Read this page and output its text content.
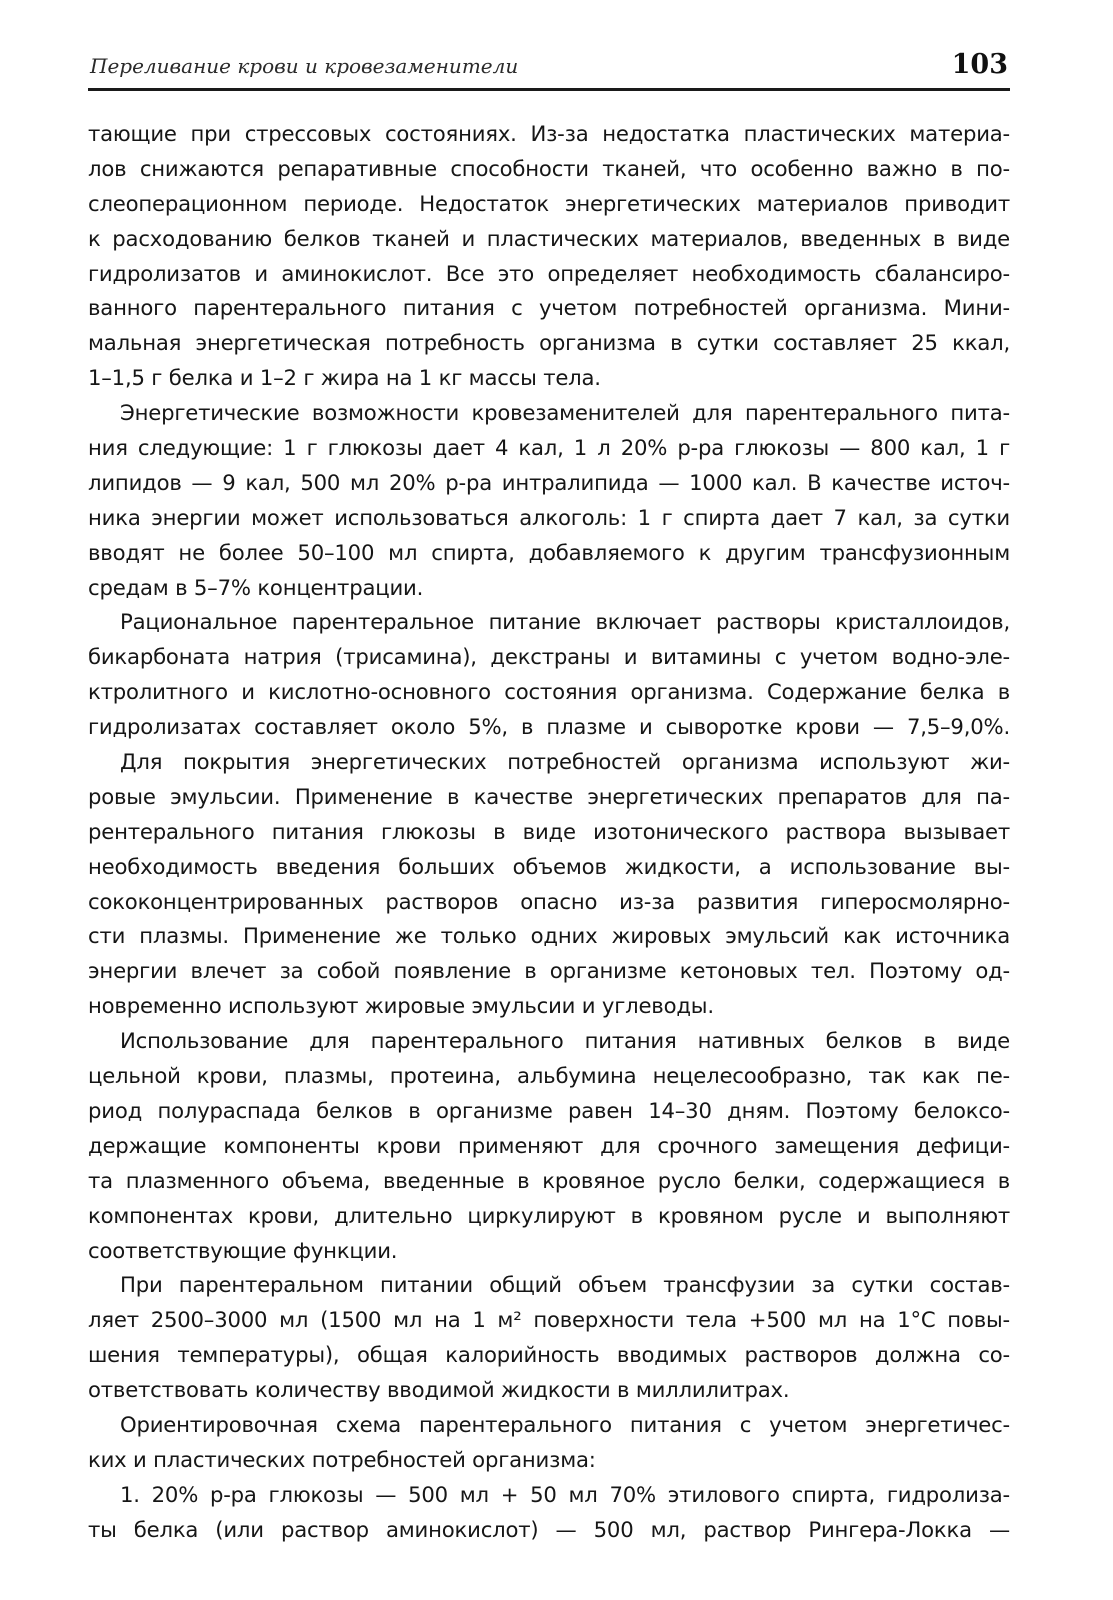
Переливание крови и кровезаменители	103
тающие при стрессовых состояниях. Из-за недостатка пластических материа-
лов снижаются репаративные способности тканей, что особенно важно в по-
слеоперационном периоде. Недостаток энергетических материалов приводит
к расходованию белков тканей и пластических материалов, введенных в виде
гидролизатов и аминокислот. Все это определяет необходимость сбалансиро-
ванного парентерального питания с учетом потребностей организма. Мини-
мальная энергетическая потребность организма в сутки составляет 25 ккал,
1–1,5 г белка и 1–2 г жира на 1 кг массы тела.
Энергетические возможности кровезаменителей для парентерального пита-
ния следующие: 1 г глюкозы дает 4 кал, 1 л 20% р-ра глюкозы — 800 кал, 1 г
липидов — 9 кал, 500 мл 20% р-ра интралипида — 1000 кал. В качестве источ-
ника энергии может использоваться алкоголь: 1 г спирта дает 7 кал, за сутки
вводят не более 50–100 мл спирта, добавляемого к другим трансфузионным
средам в 5–7% концентрации.
Рациональное парентеральное питание включает растворы кристаллоидов,
бикарбоната натрия (трисамина), декстраны и витамины с учетом водно-эле-
ктролитного и кислотно-основного состояния организма. Содержание белка в
гидролизатах составляет около 5%, в плазме и сыворотке крови — 7,5–9,0%.
Для покрытия энергетических потребностей организма используют жи-
ровые эмульсии. Применение в качестве энергетических препаратов для па-
рентерального питания глюкозы в виде изотонического раствора вызывает
необходимость введения больших объемов жидкости, а использование вы-
сококонцентрированных растворов опасно из-за развития гиперосмолярно-
сти плазмы. Применение же только одних жировых эмульсий как источника
энергии влечет за собой появление в организме кетоновых тел. Поэтому од-
новременно используют жировые эмульсии и углеводы.
Использование для парентерального питания нативных белков в виде
цельной крови, плазмы, протеина, альбумина нецелесообразно, так как пе-
риод полураспада белков в организме равен 14–30 дням. Поэтому белоксо-
держащие компоненты крови применяют для срочного замещения дефици-
та плазменного объема, введенные в кровяное русло белки, содержащиеся в
компонентах крови, длительно циркулируют в кровяном русле и выполняют
соответствующие функции.
При парентеральном питании общий объем трансфузии за сутки состав-
ляет 2500–3000 мл (1500 мл на 1 м² поверхности тела +500 мл на 1°С повы-
шения температуры), общая калорийность вводимых растворов должна со-
ответствовать количеству вводимой жидкости в миллилитрах.
Ориентировочная схема парентерального питания с учетом энергетичес-
ких и пластических потребностей организма:
1. 20% р-ра глюкозы — 500 мл + 50 мл 70% этилового спирта, гидролиза-
ты белка (или раствор аминокислот) — 500 мл, раствор Рингера-Локка —
